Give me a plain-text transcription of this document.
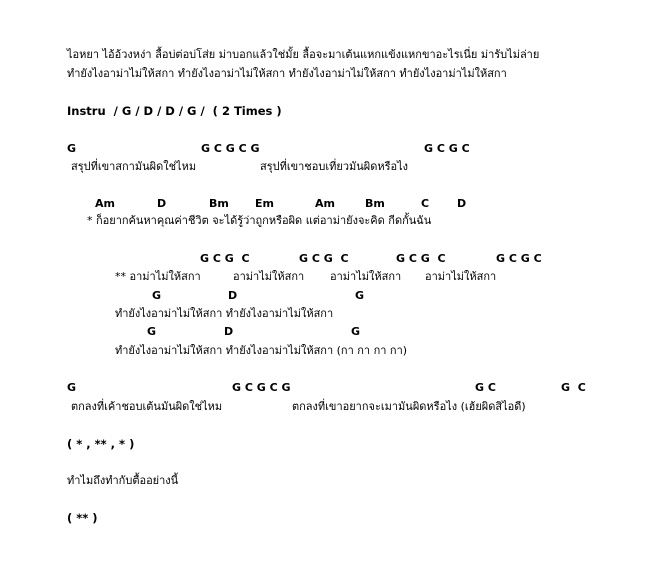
ไอหยา ไอ้อ้วงหง่า ลื้อบ่ต่อบ่โส่ย ม่าบอกแล้วใช่มั้ย ลื้อจะมาเต้นแหกแข้งแหกขาอะไรเนี่ย ม่ารับไม่ล่าย
ทำยังไงอาม่าไม่ให้สกา ทำยังไงอาม่าไม่ให้สกา ทำยังไงอาม่าไม่ให้สกา ทำยังไงอาม่าไม่ให้สกา
Instru  / G / D / D / G /  ( 2 Times )
G	G C G C G	G C G C
สรุปที่เขาสกามันผิดใช่ไหม	สรุปที่เขาชอบเที่ยวมันผิดหรือไง
Am	D	Bm Em	Am	Bm	C	D
* ก็อยากค้นหาคุณค่าชีวิต จะได้รู้ว่าถูกหรือผิด แต่อาม่ายังจะคิด กีดกั้นฉัน
G C G  C	G C G  C	G C G  C	G C G C
** อาม่าไม่ให้สกา	อาม่าไม่ให้สกา อาม่าไม่ให้สกา อาม่าไม่ให้สกา
G	D	G
ทำยังไงอาม่าไม่ให้สกา ทำยังไงอาม่าไม่ให้สกา
G	D	G
ทำยังไงอาม่าไม่ให้สกา ทำยังไงอาม่าไม่ให้สกา (กา กา กา กา)
G	G C G C G	G C	G  C
ตกลงที่เค้าชอบเต้นมันผิดใช่ไหม	ตกลงที่เขาอยากจะเมามันผิดหรือไง (เฮ้ยผิดสิไอดี)
( * , ** , * )
ทำไมถึงทำกับตื้ออย่างนี้
( ** )
